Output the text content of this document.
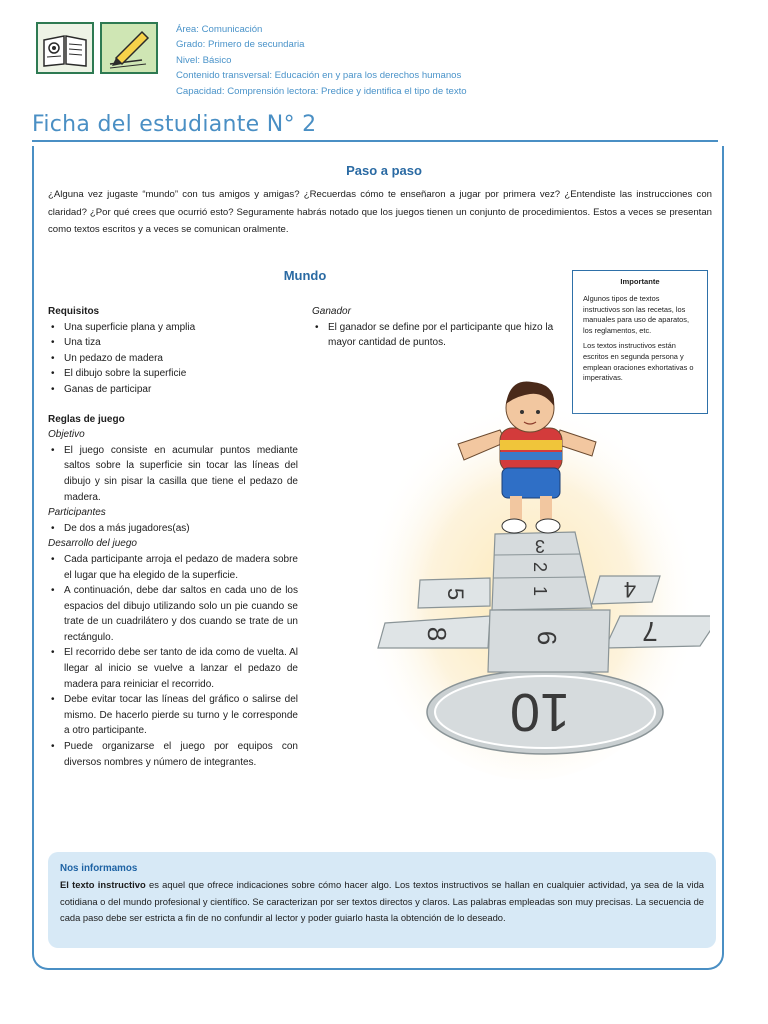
Área: Comunicación
Grado: Primero de secundaria
Nivel: Básico
Contenido transversal: Educación en y para los derechos humanos
Capacidad: Comprensión lectora: Predice y identifica el tipo de texto
Ficha del estudiante N° 2
Paso a paso

¿Alguna vez jugaste “mundo” con tus amigos y amigas? ¿Recuerdas cómo te enseñaron a jugar por primera vez? ¿Entendiste las instrucciones con claridad? ¿Por qué crees que ocurrió esto? Seguramente habrás notado que los juegos tienen un conjunto de procedimientos. Estos a veces se presentan como textos escritos y a veces se comunican oralmente.

Mundo	Importante

Algunos tipos de textos instructivos son las recetas, los manuales para uso de aparatos, los reglamentos, etc.

Los textos instructivos están escritos en segunda persona y emplean oraciones exhortativas o imperativas.

Requisitos
• Una superficie plana y amplia
• Una tiza
• Un pedazo de madera
• El dibujo sobre la superficie
• Ganas de participar
Reglas de juego
Objetivo
• El juego consiste en acumular puntos mediante saltos sobre la superficie sin tocar las líneas del dibujo y sin pisar la casilla que tiene el pedazo de madera.
Participantes
• De dos a más jugadores(as)
Desarrollo del juego
• Cada participante arroja el pedazo de madera sobre el lugar que ha elegido de la superficie.
• A continuación, debe dar saltos en cada uno de los espacios del dibujo utilizando solo un pie cuando se trate de un cuadrilátero y dos cuando se trate de un rectángulo.
• El recorrido debe ser tanto de ida como de vuelta. Al llegar al inicio se vuelve a lanzar el pedazo de madera para reiniciar el recorrido.
• Debe evitar tocar las líneas del gráfico o salirse del mismo. De hacerlo pierde su turno y le corresponde a otro participante.
• Puede organizarse el juego por equipos con diversos nombres y número de integrantes.
Ganador
• El ganador se define por el participante que hizo la mayor cantidad de puntos.
10
7
8	6
4
5
3
2
1
Nos informamos

El texto instructivo es aquel que ofrece indicaciones sobre cómo hacer algo. Los textos instructivos se hallan en cualquier actividad, ya sea de la vida cotidiana o del mundo profesional y científico. Se caracterizan por ser textos directos y claros. Las palabras empleadas son muy precisas. La secuencia de cada paso debe ser estricta a fin de no confundir al lector y poder guiarlo hasta la obtención de lo deseado.
